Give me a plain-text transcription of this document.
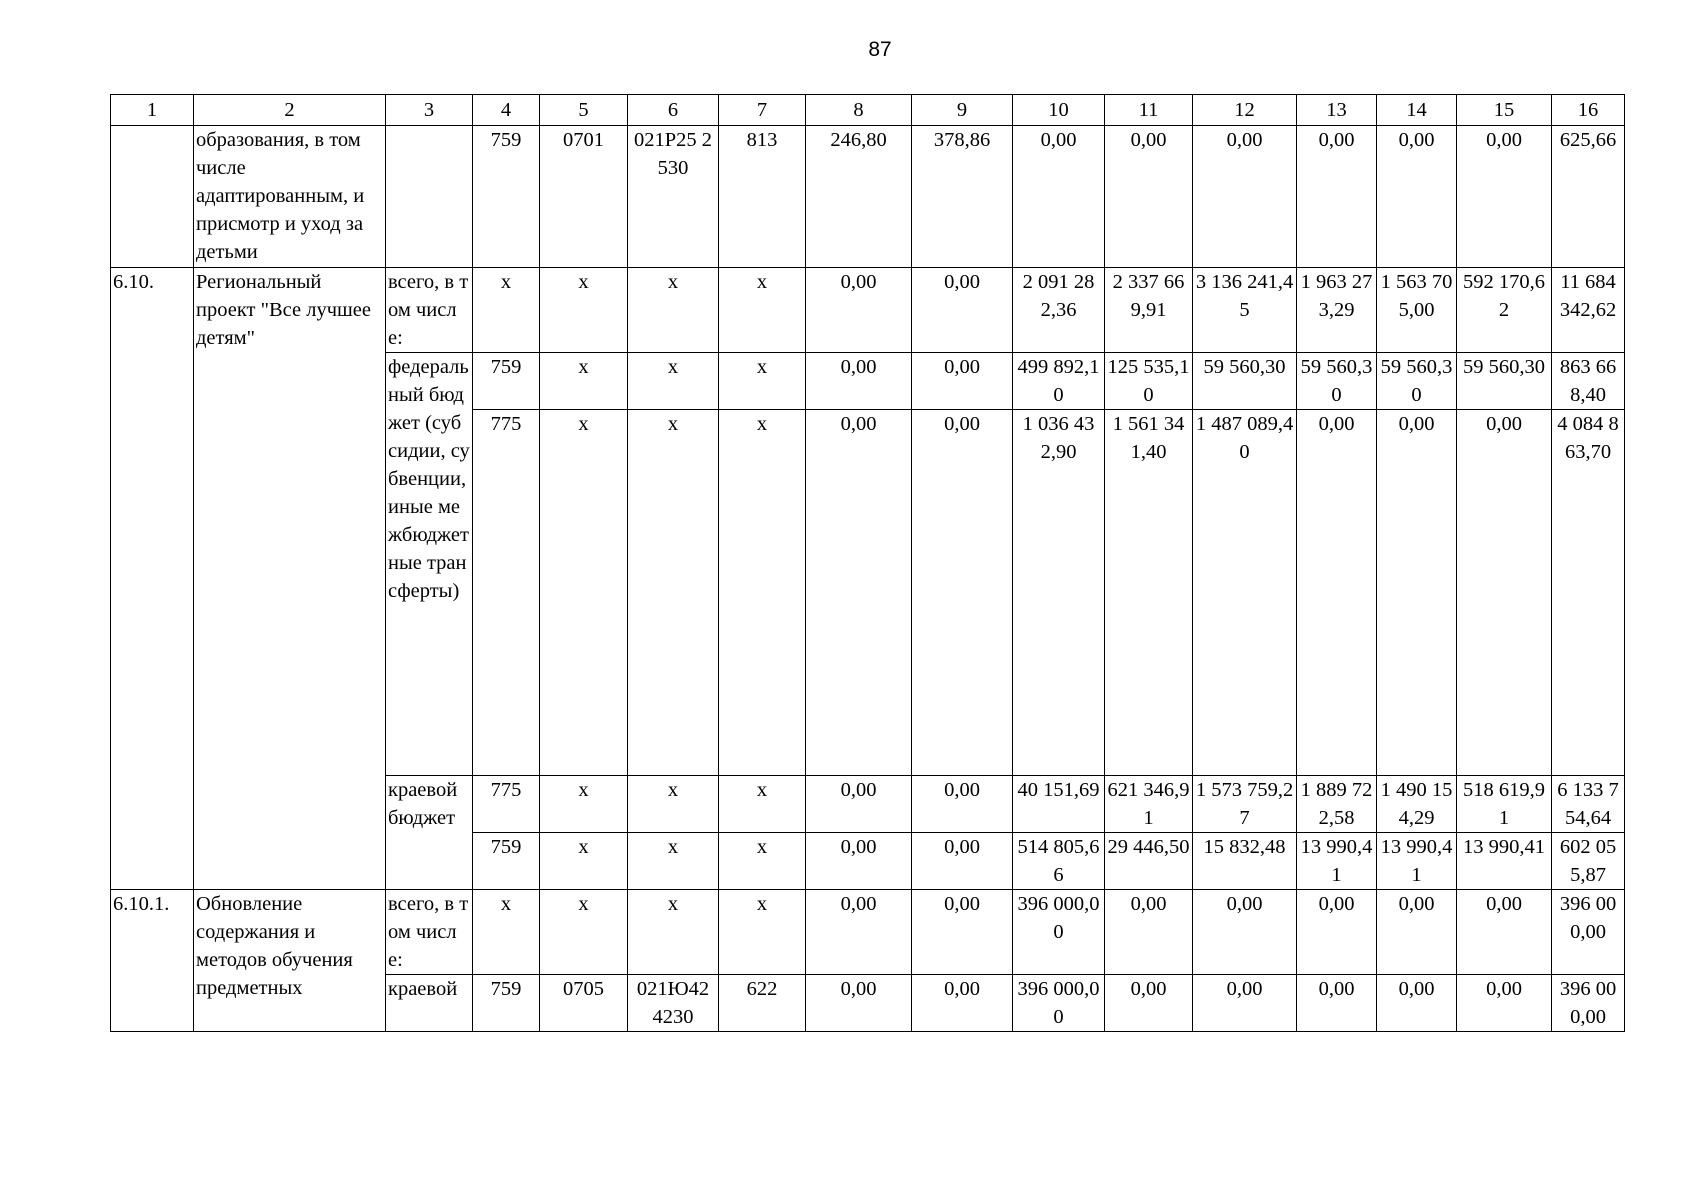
87
1	2	3	4	5	6	7	8	9	10	11	12	13	14	15	16
	образования, в том числе адаптированным, и присмотр и уход за детьми		759	0701	021Р25 2530	813	246,80	378,86	0,00	0,00	0,00	0,00	0,00	0,00	625,66
6.10.	Региональный проект "Все лучшее детям"	всего, в том числе:	х	х	х	х	0,00	0,00	2 091 282,36	2 337 669,91	3 136 241,45	1 963 273,29	1 563 705,00	592 170,62	11 684 342,62
		федеральный бюджет (субсидии, субвенции, иные межбюджетные трансферты)	759	х	х	х	0,00	0,00	499 892,10	125 535,10	59 560,30	59 560,30	59 560,30	59 560,30	863 668,40
			775	х	х	х	0,00	0,00	1 036 432,90	1 561 341,40	1 487 089,40	0,00	0,00	0,00	4 084 863,70
		краевой бюджет	775	х	х	х	0,00	0,00	40 151,69	621 346,91	1 573 759,27	1 889 722,58	1 490 154,29	518 619,91	6 133 754,64
			759	х	х	х	0,00	0,00	514 805,66	29 446,50	15 832,48	13 990,41	13 990,41	13 990,41	602 055,87
6.10.1.	Обновление содержания и методов обучения предметных	всего, в том числе:	х	х	х	х	0,00	0,00	396 000,00	0,00	0,00	0,00	0,00	0,00	396 000,00
		краевой	759	0705	021Ю42 4230	622	0,00	0,00	396 000,00	0,00	0,00	0,00	0,00	0,00	396 000,00
